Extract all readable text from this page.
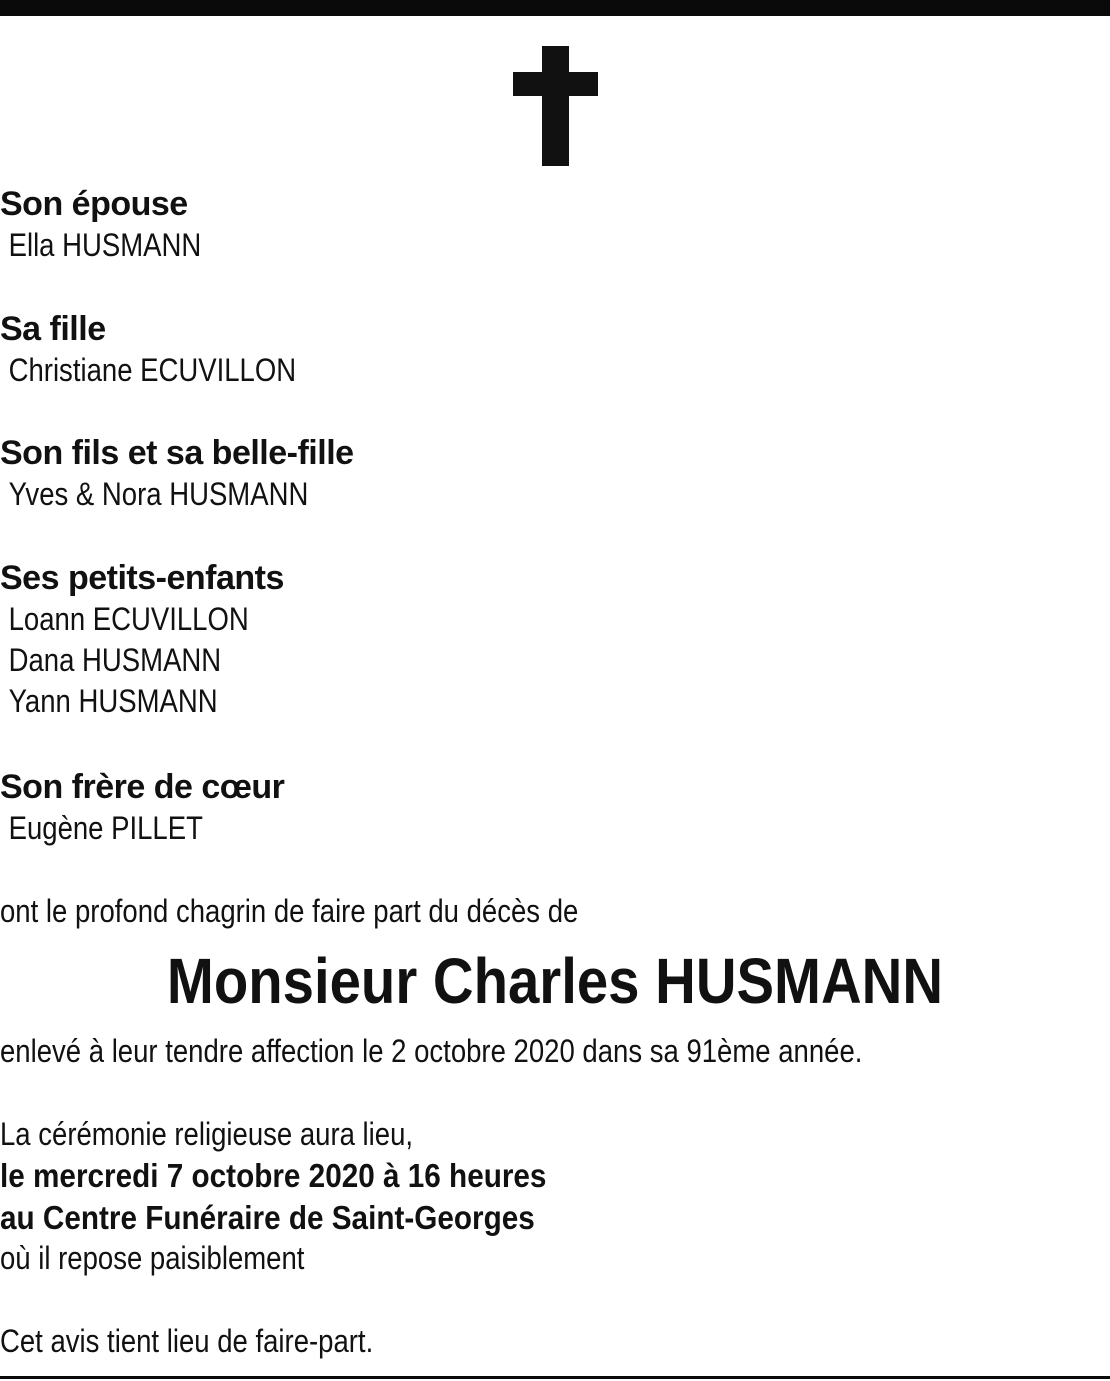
Son épouse
Ella HUSMANN
Sa fille
Christiane ECUVILLON
Son fils et sa belle-fille
Yves & Nora HUSMANN
Ses petits-enfants
Loann ECUVILLON
Dana HUSMANN
Yann HUSMANN
Son frère de cœur
Eugène PILLET
ont le profond chagrin de faire part du décès de
Monsieur Charles HUSMANN
enlevé à leur tendre affection le 2 octobre 2020 dans sa 91ème année.
La cérémonie religieuse aura lieu,
le mercredi 7 octobre 2020 à 16 heures
au Centre Funéraire de Saint-Georges
où il repose paisiblement
Cet avis tient lieu de faire-part.
